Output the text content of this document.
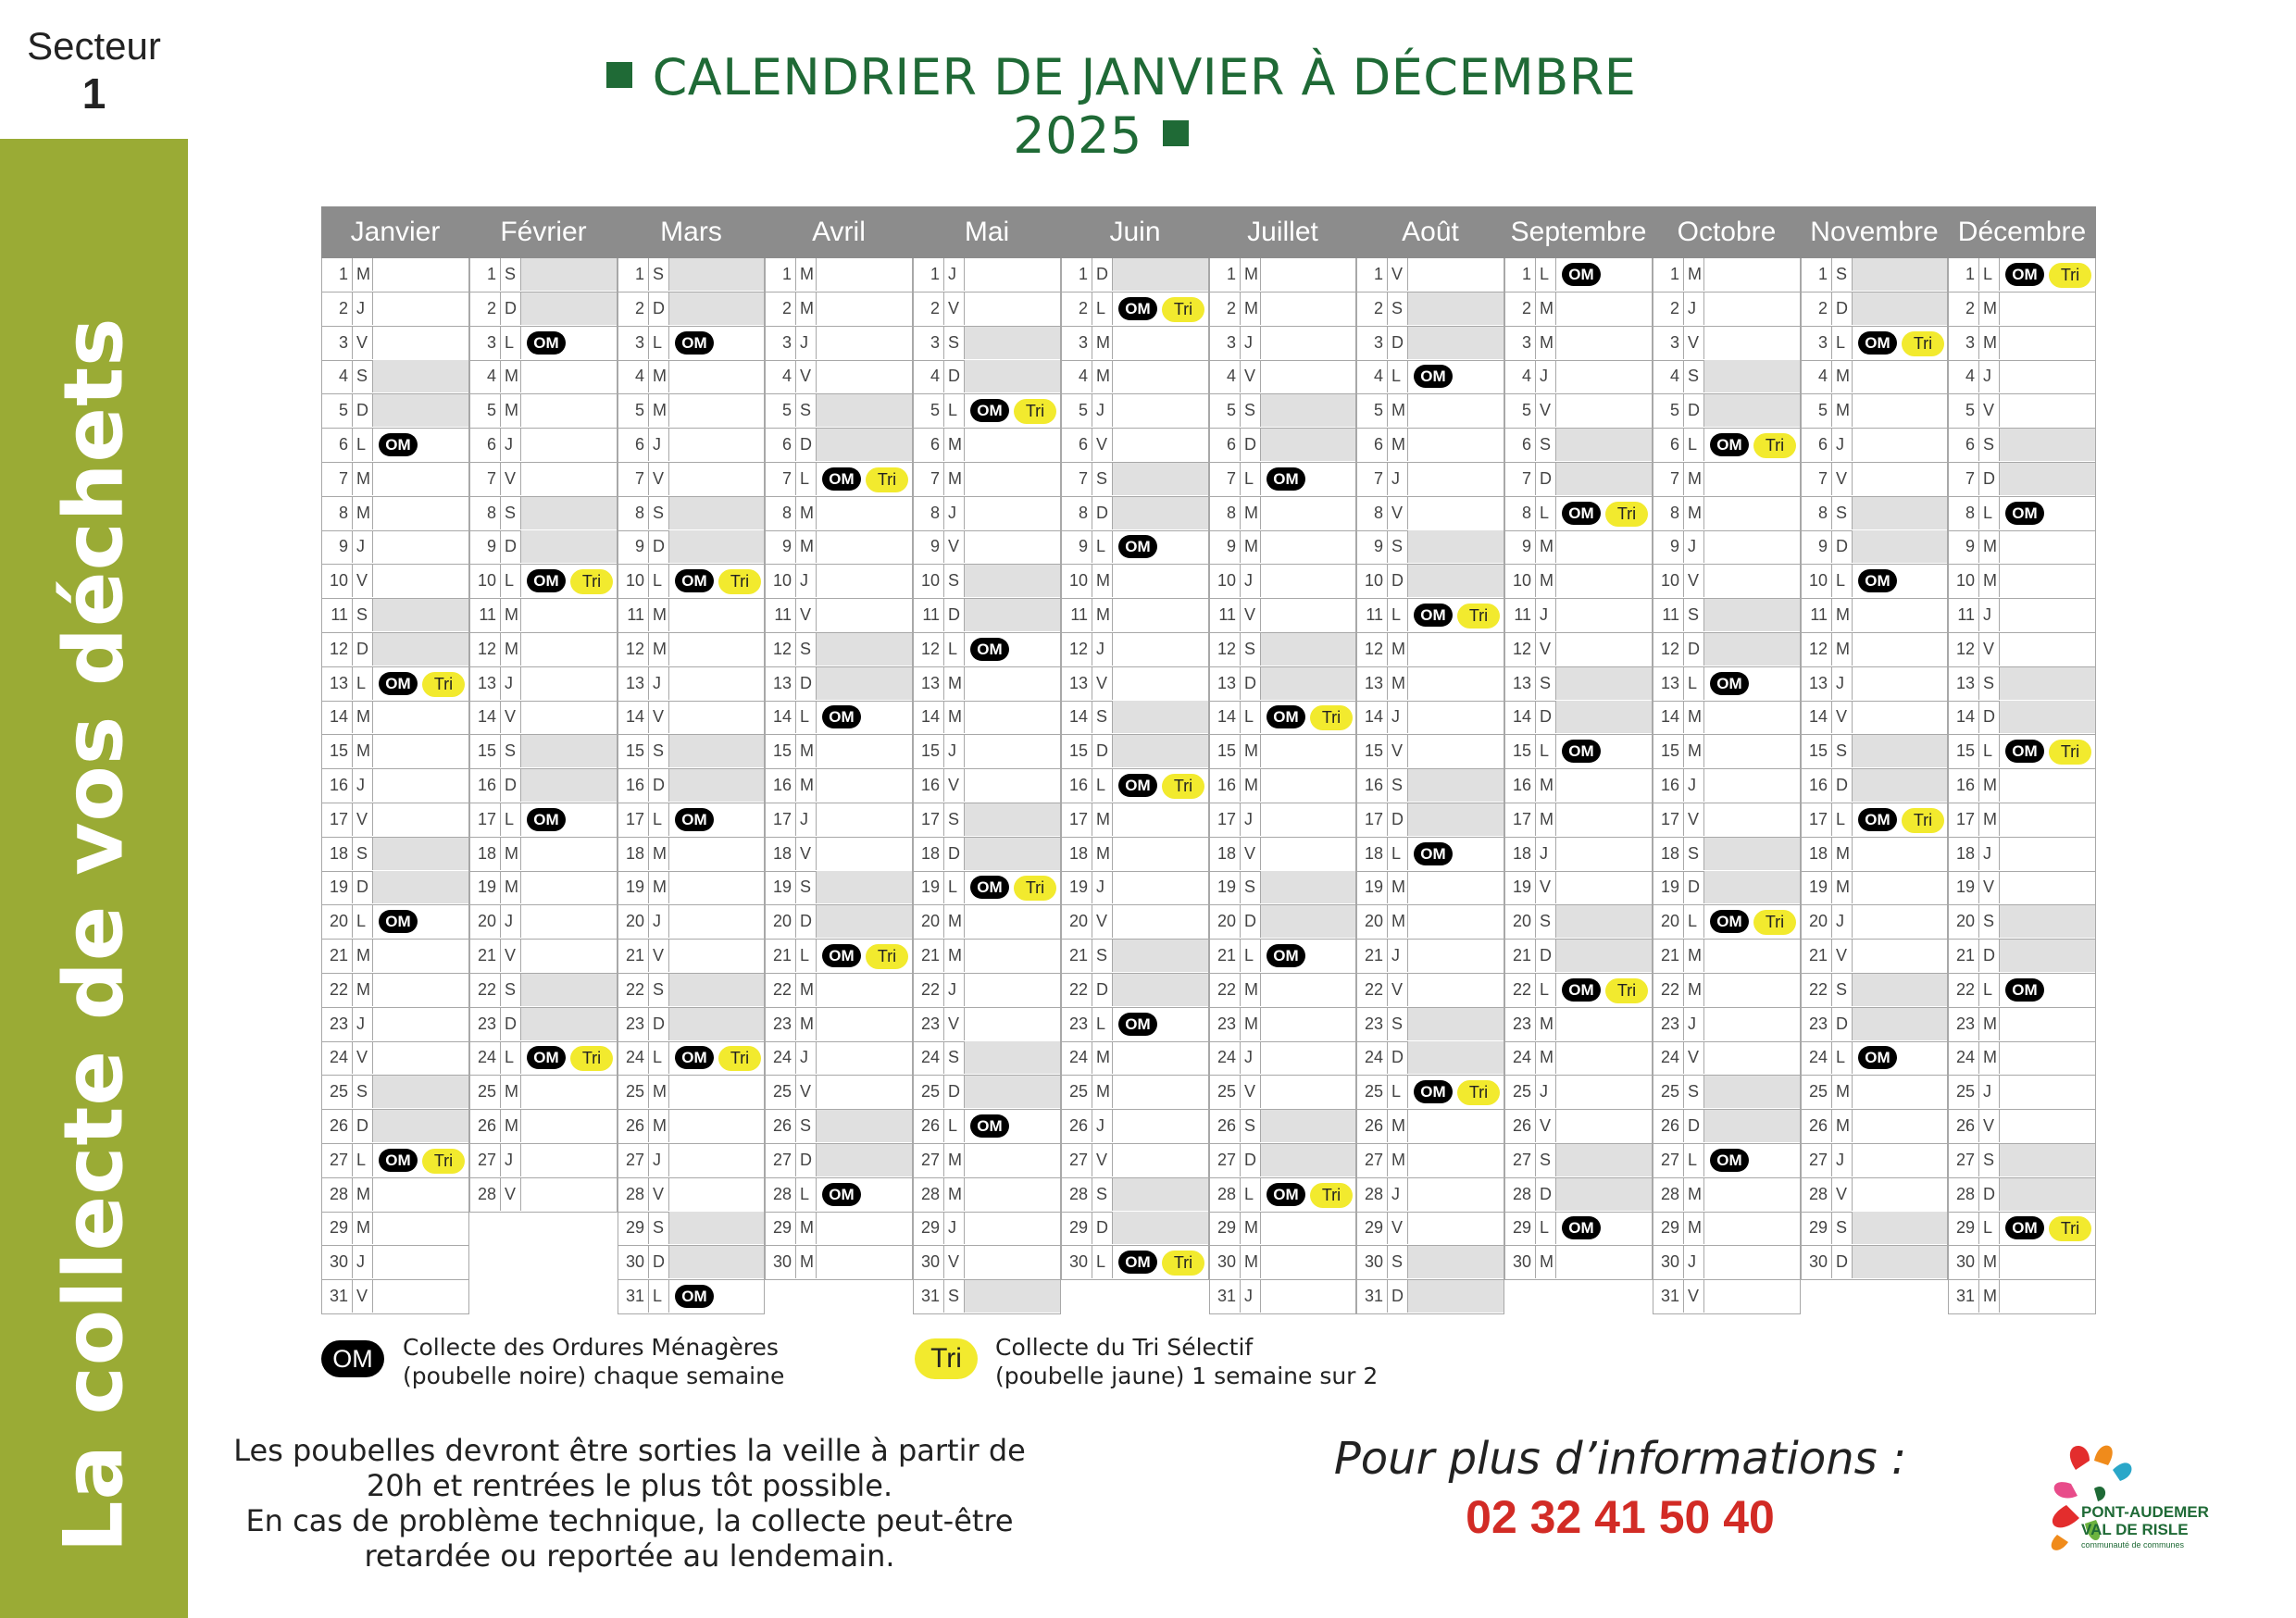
Secteur
1
La collecte de vos déchets
CALENDRIER DE JANVIER À DÉCEMBRE 2025
Janvier
1 M
2 J
3 V
4 S
5 D
6 L	OM
7 M
8 M
9 J
10 V
11 S
12 D
13 L	OM	Tri
14 M
15 M
16 J
17 V
18 S
19 D
20 L	OM
21 M
22 M
23 J
24 V
25 S
26 D
27 L	OM	Tri
28 M
29 M
30 J
31 V
Février
1 S
2 D
3 L	OM
4 M
5 M
6 J
7 V
8 S
9 D
10 L	OM	Tri
11 M
12 M
13 J
14 V
15 S
16 D
17 L	OM
18 M
19 M
20 J
21 V
22 S
23 D
24 L	OM	Tri
25 M
26 M
27 J
28 V
Mars
1 S
2 D
3 L	OM
4 M
5 M
6 J
7 V
8 S
9 D
10 L	OM	Tri
11 M
12 M
13 J
14 V
15 S
16 D
17 L	OM
18 M
19 M
20 J
21 V
22 S
23 D
24 L	OM	Tri
25 M
26 M
27 J
28 V
29 S
30 D
31 L	OM
Avril
1 M
2 M
3 J
4 V
5 S
6 D
7 L	OM	Tri
8 M
9 M
10 J
11 V
12 S
13 D
14 L	OM
15 M
16 M
17 J
18 V
19 S
20 D
21 L	OM	Tri
22 M
23 M
24 J
25 V
26 S
27 D
28 L	OM
29 M
30 M
Mai
1 J
2 V
3 S
4 D
5 L	OM	Tri
6 M
7 M
8 J
9 V
10 S
11 D
12 L	OM
13 M
14 M
15 J
16 V
17 S
18 D
19 L	OM	Tri
20 M
21 M
22 J
23 V
24 S
25 D
26 L	OM
27 M
28 M
29 J
30 V
31 S
Juin
1 D
2 L	OM	Tri
3 M
4 M
5 J
6 V
7 S
8 D
9 L	OM
10 M
11 M
12 J
13 V
14 S
15 D
16 L	OM	Tri
17 M
18 M
19 J
20 V
21 S
22 D
23 L	OM
24 M
25 M
26 J
27 V
28 S
29 D
30 L	OM	Tri
Juillet
1 M
2 M
3 J
4 V
5 S
6 D
7 L	OM
8 M
9 M
10 J
11 V
12 S
13 D
14 L	OM	Tri
15 M
16 M
17 J
18 V
19 S
20 D
21 L	OM
22 M
23 M
24 J
25 V
26 S
27 D
28 L	OM	Tri
29 M
30 M
31 J
Août
1 V
2 S
3 D
4 L	OM
5 M
6 M
7 J
8 V
9 S
10 D
11 L	OM	Tri
12 M
13 M
14 J
15 V
16 S
17 D
18 L	OM
19 M
20 M
21 J
22 V
23 S
24 D
25 L	OM	Tri
26 M
27 M
28 J
29 V
30 S
31 D
Septembre
1 L	OM
2 M
3 M
4 J
5 V
6 S
7 D
8 L	OM	Tri
9 M
10 M
11 J
12 V
13 S
14 D
15 L	OM
16 M
17 M
18 J
19 V
20 S
21 D
22 L	OM	Tri
23 M
24 M
25 J
26 V
27 S
28 D
29 L	OM
30 M
Octobre
1 M
2 J
3 V
4 S
5 D
6 L	OM	Tri
7 M
8 M
9 J
10 V
11 S
12 D
13 L	OM
14 M
15 M
16 J
17 V
18 S
19 D
20 L	OM	Tri
21 M
22 M
23 J
24 V
25 S
26 D
27 L	OM
28 M
29 M
30 J
31 V
Novembre
1 S
2 D
3 L	OM	Tri
4 M
5 M
6 J
7 V
8 S
9 D
10 L	OM
11 M
12 M
13 J
14 V
15 S
16 D
17 L	OM	Tri
18 M
19 M
20 J
21 V
22 S
23 D
24 L	OM
25 M
26 M
27 J
28 V
29 S
30 D
Décembre
1 L	OM	Tri
2 M
3 M
4 J
5 V
6 S
7 D
8 L	OM
9 M
10 M
11 J
12 V
13 S
14 D
15 L	OM	Tri
16 M
17 M
18 J
19 V
20 S
21 D
22 L	OM
23 M
24 M
25 J
26 V
27 S
28 D
29 L	OM	Tri
30 M
31 M
OM	Collecte des Ordures Ménagères
(poubelle noire) chaque semaine
Tri	Collecte du Tri Sélectif
(poubelle jaune) 1 semaine sur 2
Les poubelles devront être sorties la veille à partir de 20h et rentrées le plus tôt possible.
En cas de problème technique, la collecte peut-être retardée ou reportée au lendemain.
Pour plus d’informations :
02 32 41 50 40	PONT-AUDEMER
VAL DE RISLE
communauté de communes
